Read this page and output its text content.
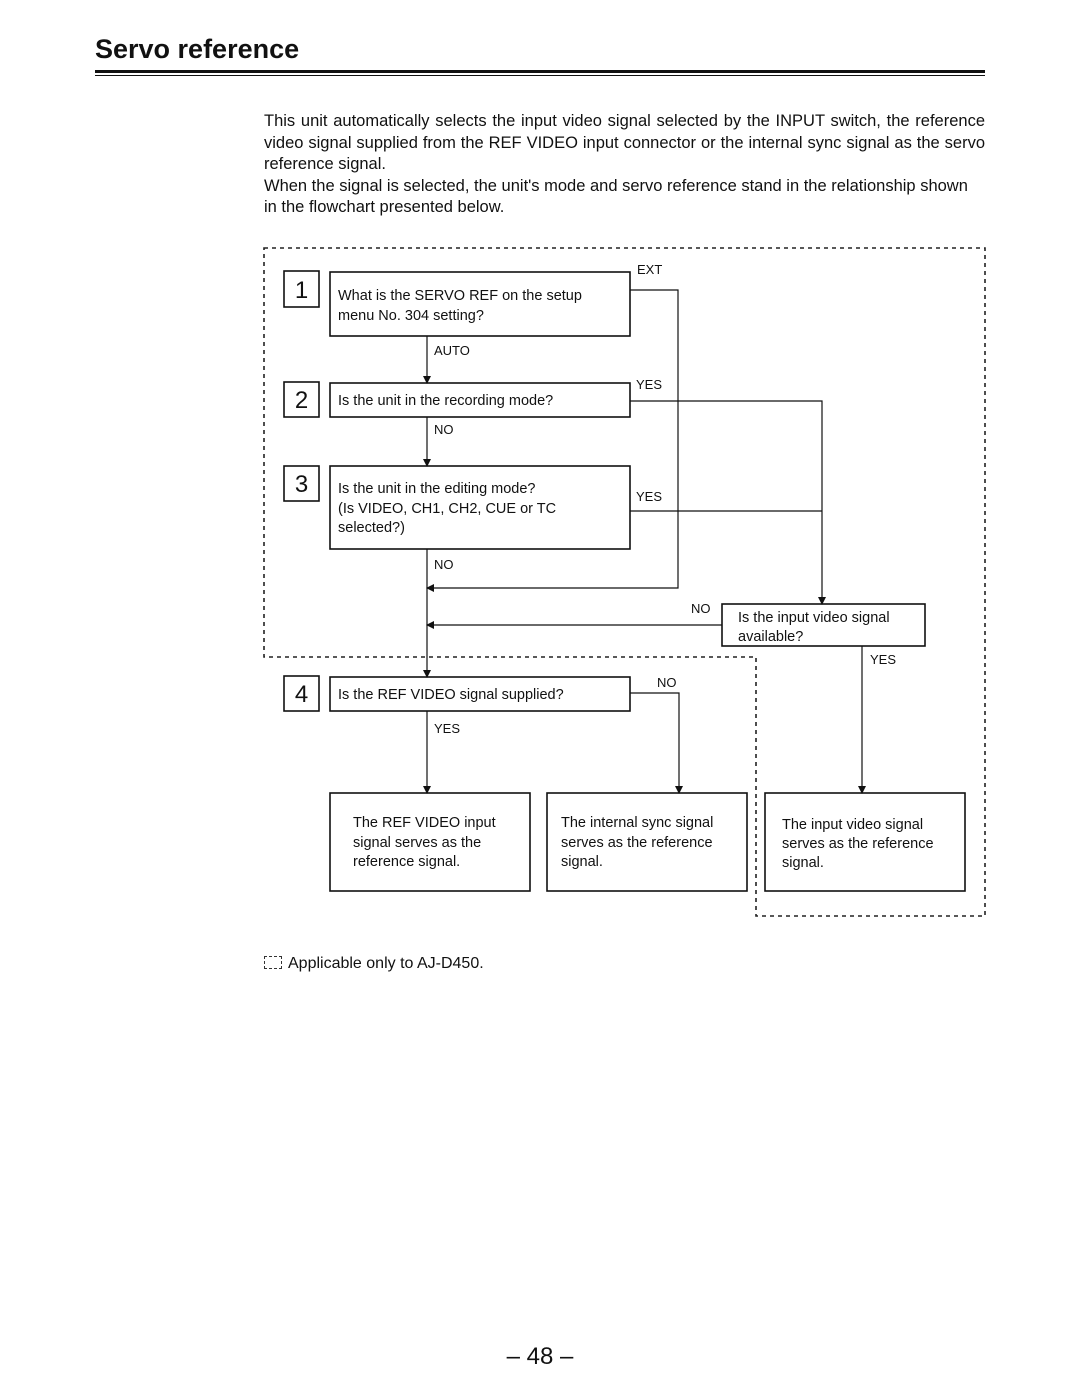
Servo reference

This unit automatically selects the input video signal selected by the INPUT switch, the reference video signal supplied from the REF VIDEO input connector or the internal sync signal as the servo reference signal.

When the signal is selected, the unit's mode and servo reference stand in the relationship shown in the flowchart presented below.

1
2
3
4
What is the SERVO REF on the setup
menu No. 304 setting?
Is the unit in the recording mode?
Is the unit in the editing mode?
(Is VIDEO, CH1, CH2, CUE or TC
selected?)
Is the input video signal
available?
Is the REF VIDEO signal supplied?
The REF VIDEO input
signal serves as the
reference signal.
The internal sync signal
serves as the reference
signal.
The input video signal
serves as the reference
signal.
EXT
AUTO
YES
NO
YES
NO
NO
YES
NO
YES
Applicable only to AJ-D450.
– 48 –
